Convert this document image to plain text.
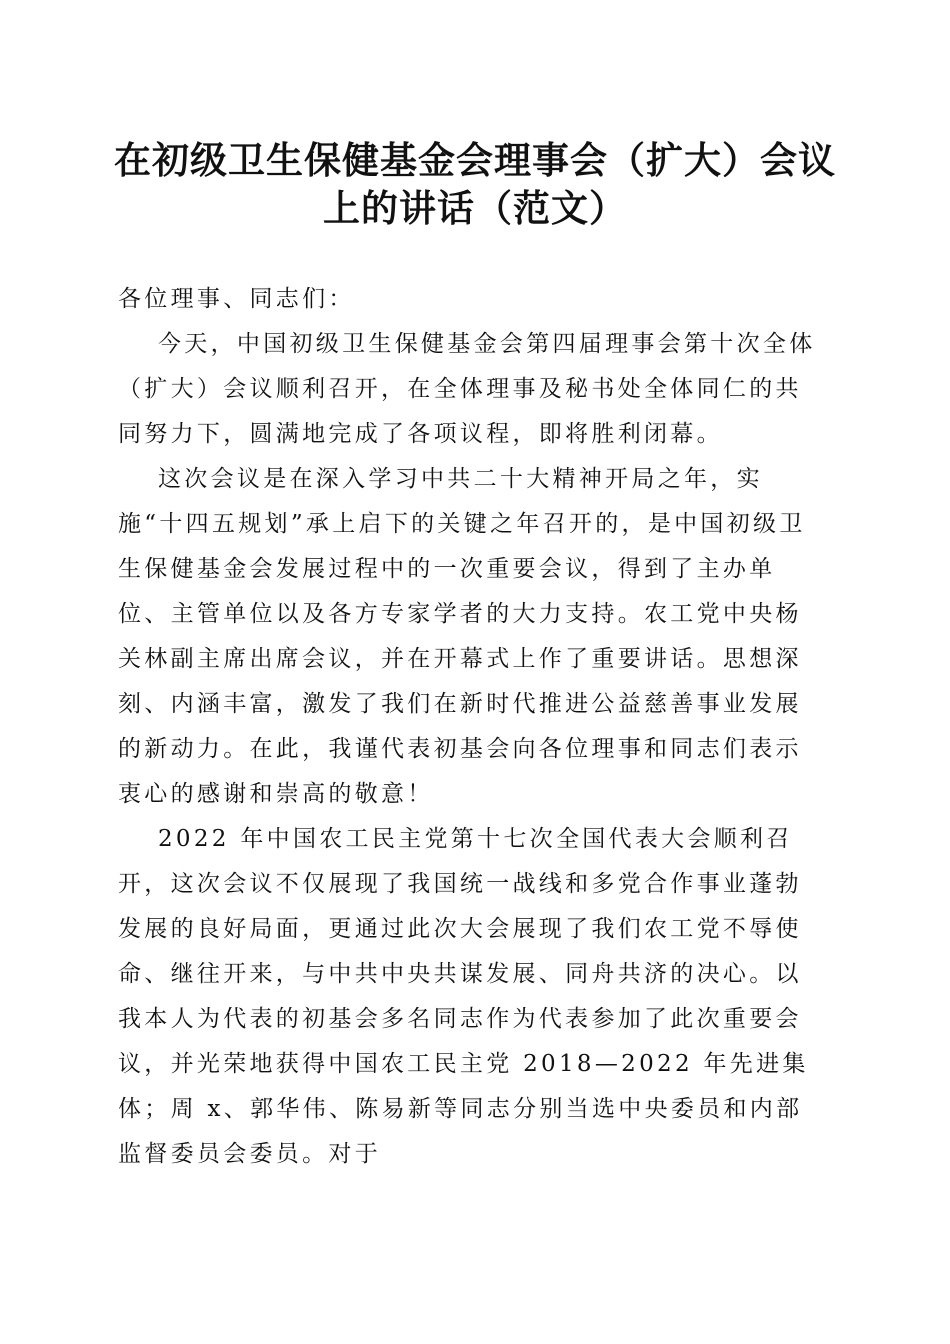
在初级卫生保健基金会理事会（扩大）会议上的讲话（范文）

各位理事、同志们：

今天，中国初级卫生保健基金会第四届理事会第十次全体（扩大）会议顺利召开，在全体理事及秘书处全体同仁的共同努力下，圆满地完成了各项议程，即将胜利闭幕。

这次会议是在深入学习中共二十大精神开局之年，实施“十四五规划”承上启下的关键之年召开的，是中国初级卫生保健基金会发展过程中的一次重要会议，得到了主办单位、主管单位以及各方专家学者的大力支持。农工党中央杨关林副主席出席会议，并在开幕式上作了重要讲话。思想深刻、内涵丰富，激发了我们在新时代推进公益慈善事业发展的新动力。在此，我谨代表初基会向各位理事和同志们表示衷心的感谢和崇高的敬意！

2022 年中国农工民主党第十七次全国代表大会顺利召开，这次会议不仅展现了我国统一战线和多党合作事业蓬勃发展的良好局面，更通过此次大会展现了我们农工党不辱使命、继往开来，与中共中央共谋发展、同舟共济的决心。以我本人为代表的初基会多名同志作为代表参加了此次重要会议，并光荣地获得中国农工民主党 2018—2022 年先进集体；周 x、郭华伟、陈易新等同志分别当选中央委员和内部监督委员会委员。对于
